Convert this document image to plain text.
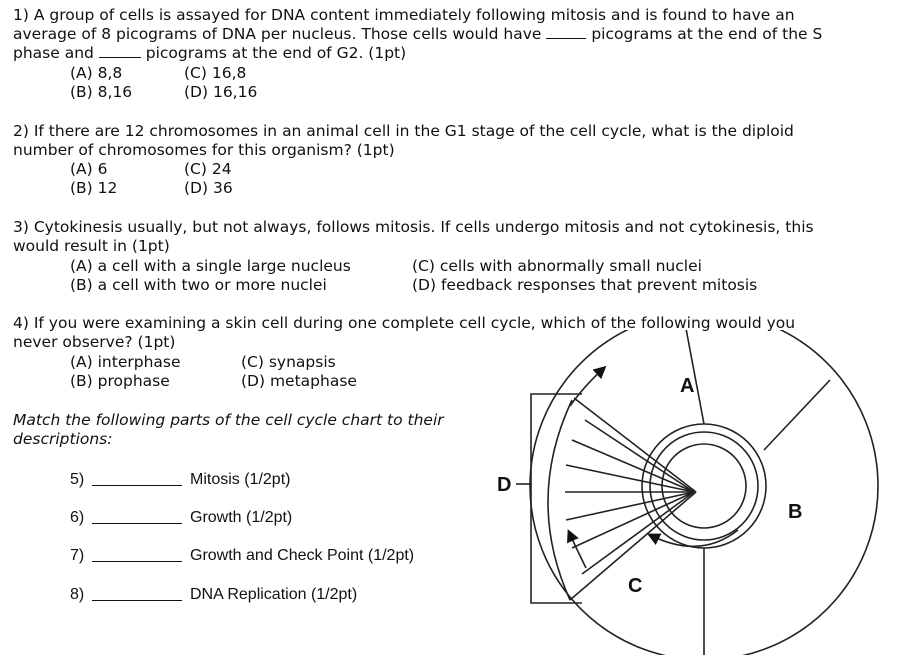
1) A group of cells is assayed for DNA content immediately following mitosis and is found to have an
average of 8 picograms of DNA per nucleus. Those cells would have	picograms at the end of the S
phase and	picograms at the end of G2. (1pt)
(A) 8,8
(B) 8,16
(C) 16,8
(D) 16,16
2) If there are 12 chromosomes in an animal cell in the G1 stage of the cell cycle, what is the diploid
number of chromosomes for this organism? (1pt)
(A) 6
(B) 12
(C) 24
(D) 36
3) Cytokinesis usually, but not always, follows mitosis. If cells undergo mitosis and not cytokinesis, this
would result in (1pt)
(A) a cell with a single large nucleus
(B) a cell with two or more nuclei
(C) cells with abnormally small nuclei
(D) feedback responses that prevent mitosis
4) If you were examining a skin cell during one complete cell cycle, which of the following would you
never observe? (1pt)
(A) interphase
(B) prophase
(C) synapsis
(D) metaphase
Match the following parts of the cell cycle chart to their
descriptions:
5)	Mitosis (1/2pt)
6)	Growth (1/2pt)
7)	Growth and Check Point (1/2pt)
8)	DNA Replication (1/2pt)
A
B
C
D
